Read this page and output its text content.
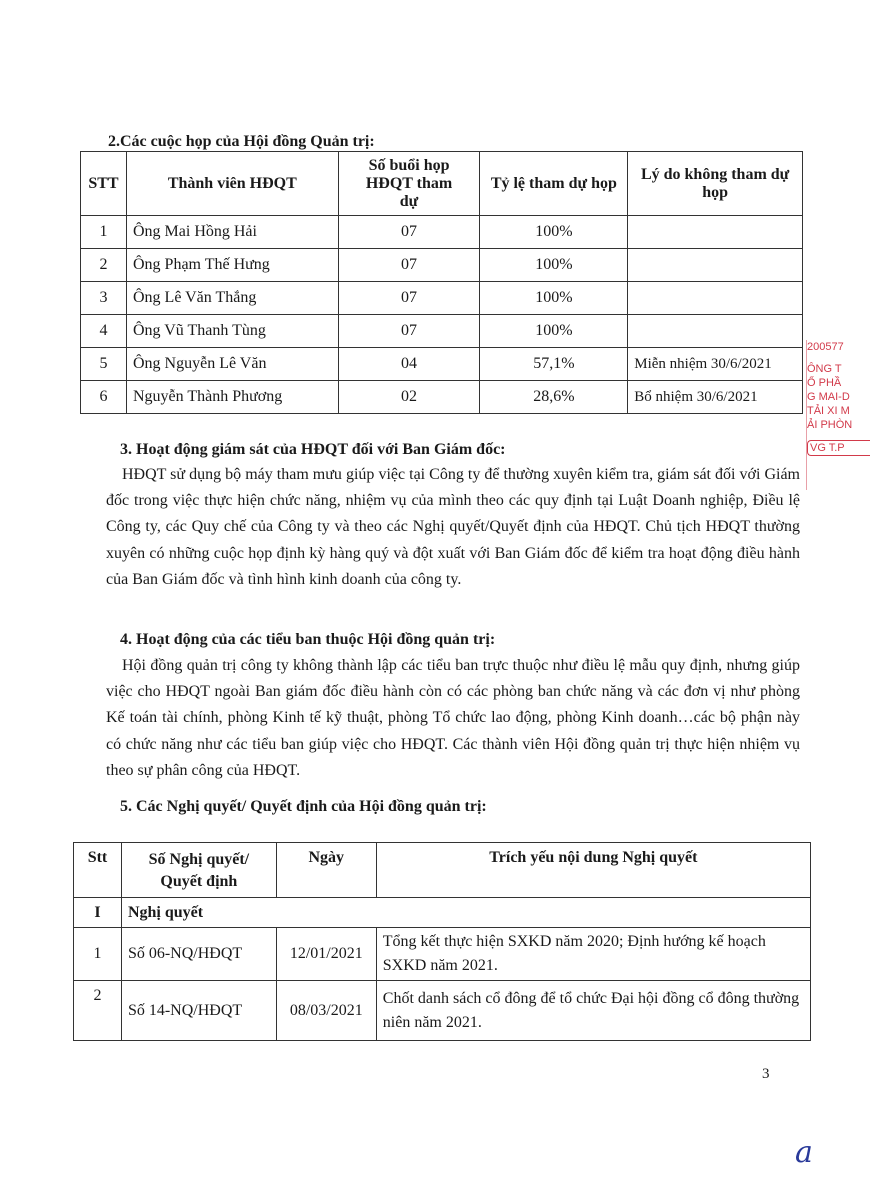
2.Các cuộc họp của Hội đồng Quản trị:
STT	Thành viên HĐQT	Số buổi họp HĐQT tham dự	Tỷ lệ tham dự họp	Lý do không tham dự họp
1	Ông Mai Hồng Hải	07	100%	
2	Ông Phạm Thế Hưng	07	100%	
3	Ông Lê Văn Thắng	07	100%	
4	Ông Vũ Thanh Tùng	07	100%	
5	Ông Nguyễn Lê Văn	04	57,1%	Miễn nhiệm 30/6/2021
6	Nguyễn Thành Phương	02	28,6%	Bổ nhiệm 30/6/2021
3. Hoạt động giám sát của HĐQT đối với Ban Giám đốc:
HĐQT sử dụng bộ máy tham mưu giúp việc tại Công ty để thường xuyên kiểm tra, giám sát đối với Giám đốc trong việc thực hiện chức năng, nhiệm vụ của mình theo các quy định tại Luật Doanh nghiệp, Điều lệ Công ty, các Quy chế của Công ty và theo các Nghị quyết/Quyết định của HĐQT. Chủ tịch HĐQT thường xuyên có những cuộc họp định kỳ hàng quý và đột xuất với Ban Giám đốc để kiểm tra hoạt động điều hành của Ban Giám đốc và tình hình kinh doanh của công ty.
4. Hoạt động của các tiểu ban thuộc Hội đồng quản trị:
Hội đồng quản trị công ty không thành lập các tiểu ban trực thuộc như điều lệ mẫu quy định, nhưng giúp việc cho HĐQT ngoài Ban giám đốc điều hành còn có các phòng ban chức năng và các đơn vị như phòng Kế toán tài chính, phòng Kinh tế kỹ thuật, phòng Tổ chức lao động, phòng Kinh doanh…các bộ phận này có chức năng như các tiểu ban giúp việc cho HĐQT. Các thành viên Hội đồng quản trị thực hiện nhiệm vụ theo sự phân công của HĐQT.
5. Các Nghị quyết/ Quyết định của Hội đồng quản trị:
Stt	Số Nghị quyết/ Quyết định	Ngày	Trích yếu nội dung Nghị quyết
I	Nghị quyết		
1	Số 06-NQ/HĐQT	12/01/2021	Tổng kết thực hiện SXKD năm 2020; Định hướng kế hoạch SXKD năm 2021.
2	Số 14-NQ/HĐQT	08/03/2021	Chốt danh sách cổ đông để tổ chức Đại hội đồng cổ đông thường niên năm 2021.
3
200577
ÔNG T
Ổ PHẦ
G MAI-D
TẢI XI M
ẢI PHÒN
VG T.P
a
